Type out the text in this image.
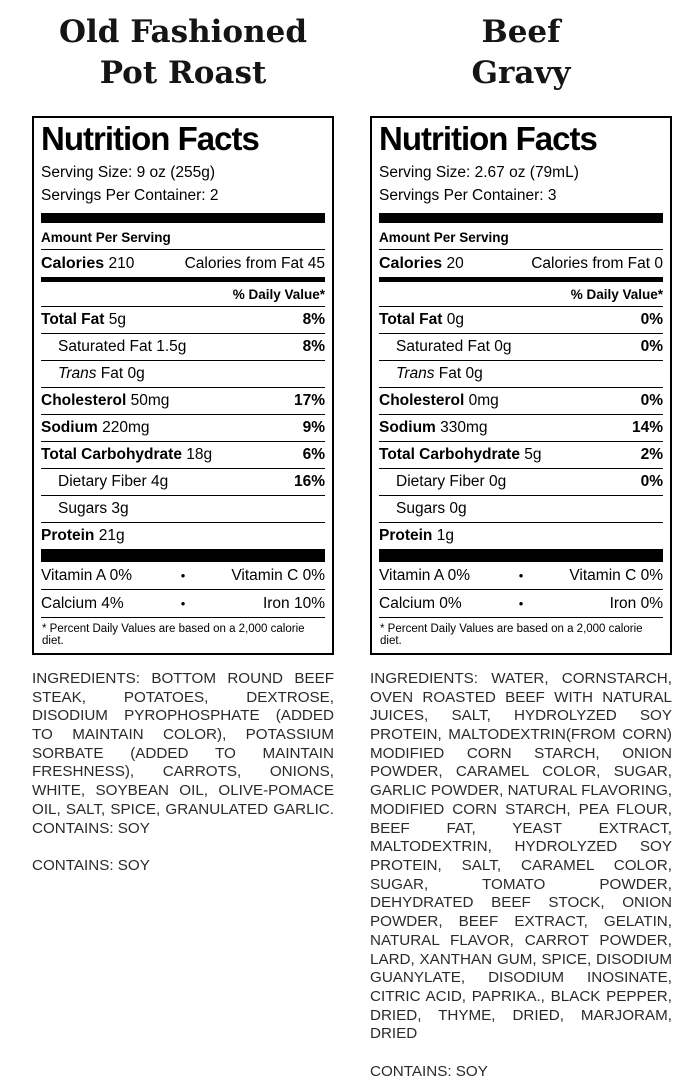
Old Fashioned
Pot Roast
Nutrition Facts
Serving Size: 9 oz (255g)
Servings Per Container: 2
Amount Per Serving
Calories 210	Calories from Fat 45
% Daily Value*
Total Fat 5g	8%
Saturated Fat 1.5g	8%
Trans Fat 0g
Cholesterol 50mg	17%
Sodium 220mg	9%
Total Carbohydrate 18g	6%
Dietary Fiber 4g	16%
Sugars 3g
Protein 21g
Vitamin A 0%	•	Vitamin C 0%
Calcium 4%	•	Iron 10%
* Percent Daily Values are based on a 2,000 calorie diet.
INGREDIENTS: BOTTOM ROUND BEEF STEAK, POTATOES, DEXTROSE, DISODIUM PYROPHOSPHATE (ADDED TO MAINTAIN COLOR), POTASSIUM SORBATE (ADDED TO MAINTAIN FRESHNESS), CARROTS, ONIONS, WHITE, SOYBEAN OIL, OLIVE-POMACE OIL, SALT, SPICE, GRANULATED GARLIC. CONTAINS: SOY
CONTAINS: SOY
Beef
Gravy
Nutrition Facts
Serving Size: 2.67 oz (79mL)
Servings Per Container: 3
Amount Per Serving
Calories 20	Calories from Fat 0
% Daily Value*
Total Fat 0g	0%
Saturated Fat 0g	0%
Trans Fat 0g
Cholesterol 0mg	0%
Sodium 330mg	14%
Total Carbohydrate 5g	2%
Dietary Fiber 0g	0%
Sugars 0g
Protein 1g
Vitamin A 0%	•	Vitamin C 0%
Calcium 0%	•	Iron 0%
* Percent Daily Values are based on a 2,000 calorie diet.
INGREDIENTS: WATER, CORNSTARCH, OVEN ROASTED BEEF WITH NATURAL JUICES, SALT, HYDROLYZED SOY PROTEIN, MALTODEXTRIN(FROM CORN) MODIFIED CORN STARCH, ONION POWDER, CARAMEL COLOR, SUGAR, GARLIC POWDER, NATURAL FLAVORING, MODIFIED CORN STARCH, PEA FLOUR, BEEF FAT, YEAST EXTRACT, MALTODEXTRIN, HYDROLYZED SOY PROTEIN, SALT, CARAMEL COLOR, SUGAR, TOMATO POWDER, DEHYDRATED BEEF STOCK, ONION POWDER, BEEF EXTRACT, GELATIN, NATURAL FLAVOR, CARROT POWDER, LARD, XANTHAN GUM, SPICE, DISODIUM GUANYLATE, DISODIUM INOSINATE, CITRIC ACID, PAPRIKA., BLACK PEPPER, DRIED, THYME, DRIED, MARJORAM, DRIED
CONTAINS: SOY
